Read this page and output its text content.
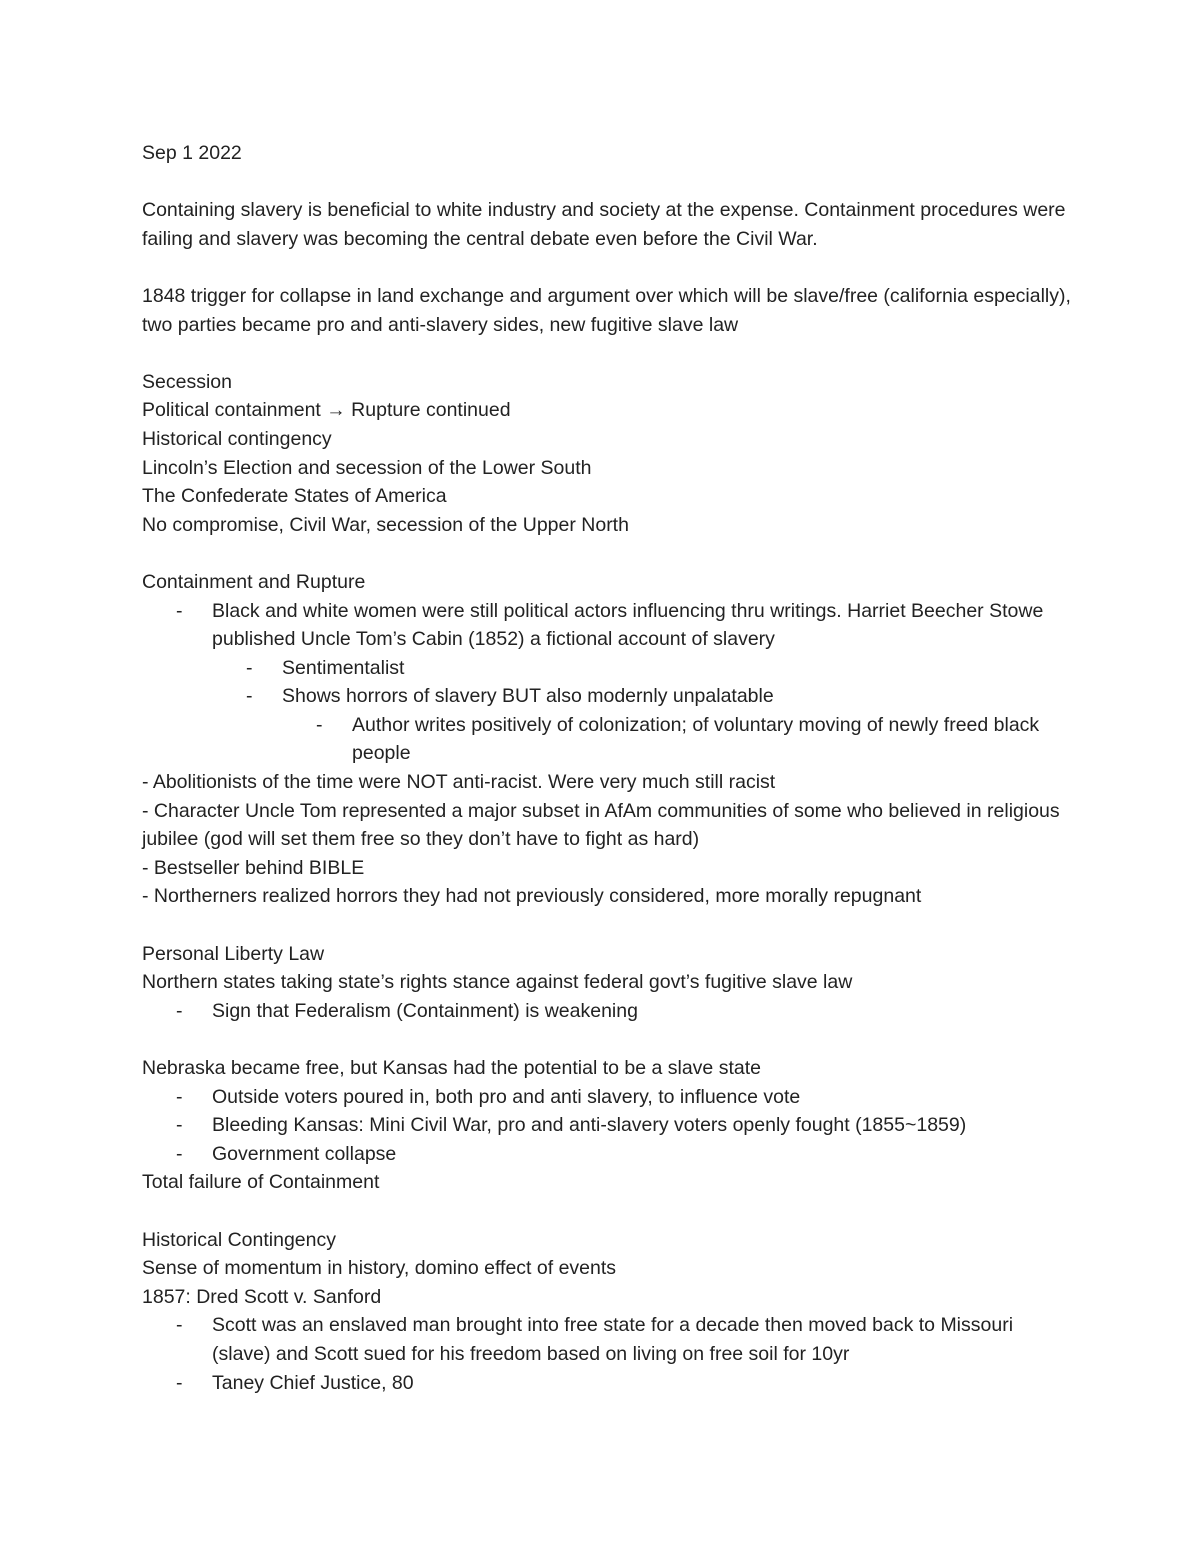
Sep 1 2022
Containing slavery is beneficial to white industry and society at the expense. Containment procedures were failing and slavery was becoming the central debate even before the Civil War.
1848 trigger for collapse in land exchange and argument over which will be slave/free (california especially), two parties became pro and anti-slavery sides, new fugitive slave law
Secession
Political containment → Rupture continued
Historical contingency
Lincoln’s Election and secession of the Lower South
The Confederate States of America
No compromise, Civil War, secession of the Upper North
Containment and Rupture
- Black and white women were still political actors influencing thru writings. Harriet Beecher Stowe published Uncle Tom’s Cabin (1852) a fictional account of slavery
- Sentimentalist
- Shows horrors of slavery BUT also modernly unpalatable
- Author writes positively of colonization; of voluntary moving of newly freed black people
- Abolitionists of the time were NOT anti-racist. Were very much still racist
- Character Uncle Tom represented a major subset in AfAm communities of some who believed in religious jubilee (god will set them free so they don’t have to fight as hard)
- Bestseller behind BIBLE
- Northerners realized horrors they had not previously considered, more morally repugnant
Personal Liberty Law
Northern states taking state’s rights stance against federal govt’s fugitive slave law
- Sign that Federalism (Containment) is weakening
Nebraska became free, but Kansas had the potential to be a slave state
- Outside voters poured in, both pro and anti slavery, to influence vote
- Bleeding Kansas: Mini Civil War, pro and anti-slavery voters openly fought (1855~1859)
- Government collapse
Total failure of Containment
Historical Contingency
Sense of momentum in history, domino effect of events
1857: Dred Scott v. Sanford
- Scott was an enslaved man brought into free state for a decade then moved back to Missouri (slave) and Scott sued for his freedom based on living on free soil for 10yr
- Taney Chief Justice, 80
